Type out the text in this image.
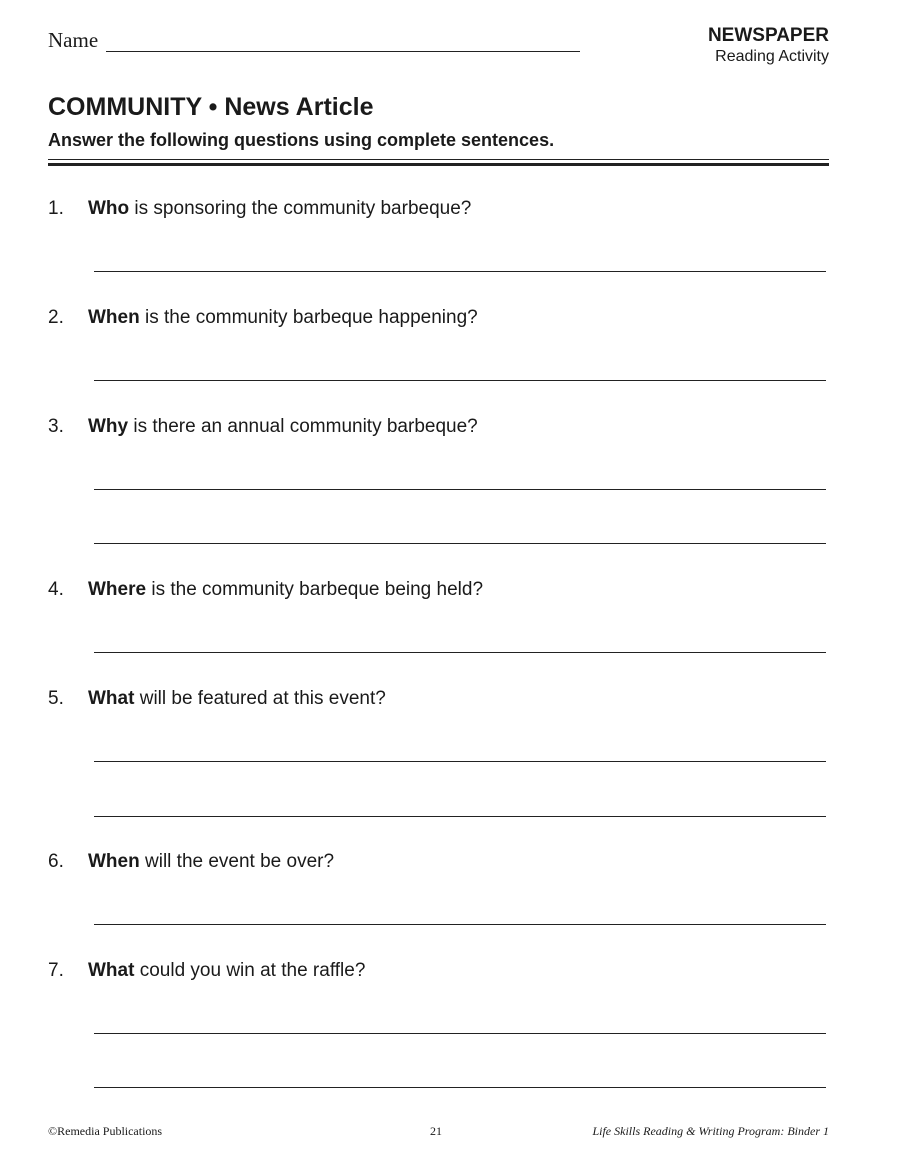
Name	NEWSPAPER
Reading Activity
COMMUNITY • News Article
Answer the following questions using complete sentences.
1. Who is sponsoring the community barbeque?
2. When is the community barbeque happening?
3. Why is there an annual community barbeque?
4. Where is the community barbeque being held?
5. What will be featured at this event?
6. When will the event be over?
7. What could you win at the raffle?
©Remedia Publications	21	Life Skills Reading & Writing Program: Binder 1
